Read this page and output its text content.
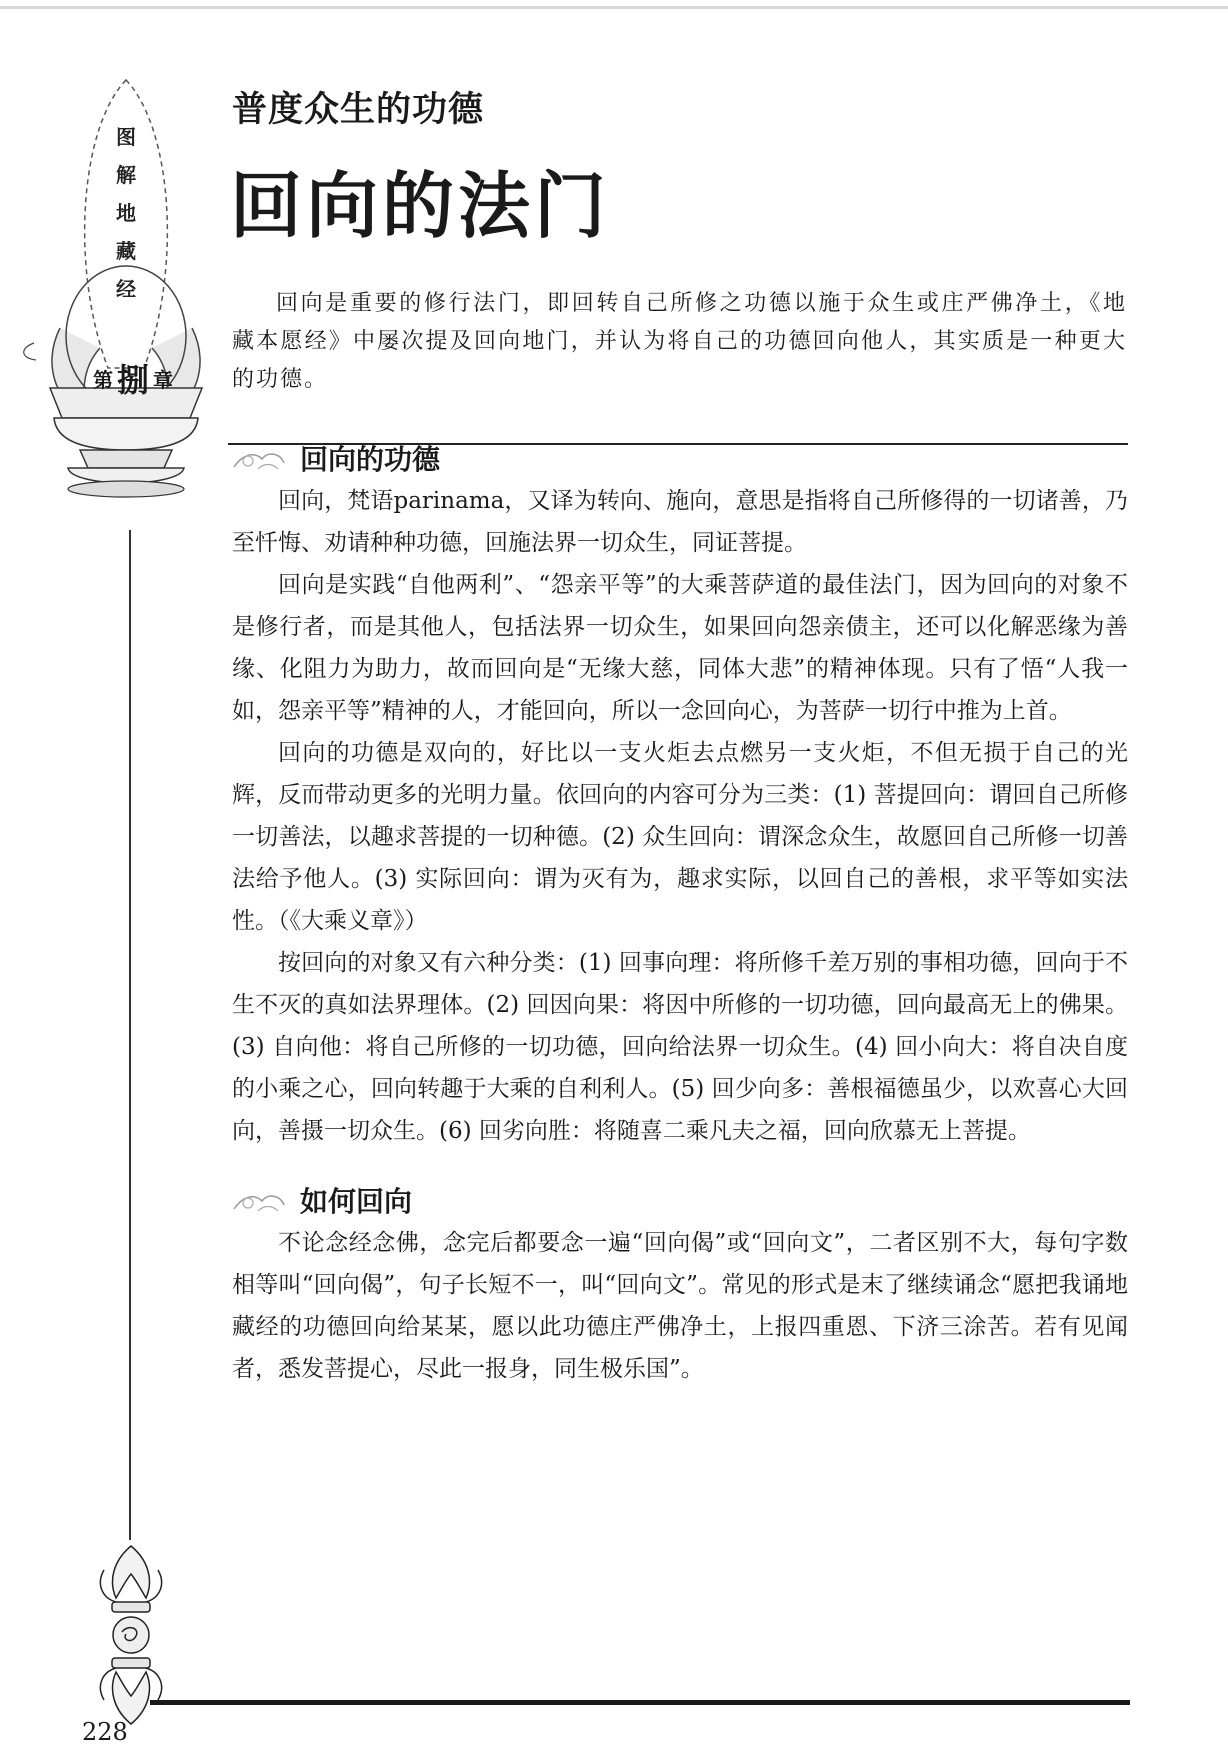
图
解
地
藏
经
第 捌 章
普度众生的功德
回向的法门
回向是重要的修行法门，即回转自己所修之功德以施于众生或庄严佛净土，《地藏本愿经》中屡次提及回向地门，并认为将自己的功德回向他人，其实质是一种更大的功德。
回向的功德

回向，梵语parinama，又译为转向、施向，意思是指将自己所修得的一切诸善，乃至忏悔、劝请种种功德，回施法界一切众生，同证菩提。

回向是实践“自他两利”、“怨亲平等”的大乘菩萨道的最佳法门，因为回向的对象不是修行者，而是其他人，包括法界一切众生，如果回向怨亲债主，还可以化解恶缘为善缘、化阻力为助力，故而回向是“无缘大慈，同体大悲”的精神体现。只有了悟“人我一如，怨亲平等”精神的人，才能回向，所以一念回向心，为菩萨一切行中推为上首。

回向的功德是双向的，好比以一支火炬去点燃另一支火炬，不但无损于自己的光辉，反而带动更多的光明力量。依回向的内容可分为三类：(1) 菩提回向：谓回自己所修一切善法，以趣求菩提的一切种德。(2) 众生回向：谓深念众生，故愿回自己所修一切善法给予他人。(3) 实际回向：谓为灭有为，趣求实际，以回自己的善根，求平等如实法性。（《大乘义章》）

按回向的对象又有六种分类：(1) 回事向理：将所修千差万别的事相功德，回向于不生不灭的真如法界理体。(2) 回因向果：将因中所修的一切功德，回向最高无上的佛果。(3) 自向他：将自己所修的一切功德，回向给法界一切众生。(4) 回小向大：将自决自度的小乘之心，回向转趣于大乘的自利利人。(5) 回少向多：善根福德虽少，以欢喜心大回向，善摄一切众生。(6) 回劣向胜：将随喜二乘凡夫之福，回向欣慕无上菩提。

如何回向

不论念经念佛，念完后都要念一遍“回向偈”或“回向文”，二者区别不大，每句字数相等叫“回向偈”，句子长短不一，叫“回向文”。常见的形式是末了继续诵念“愿把我诵地藏经的功德回向给某某，愿以此功德庄严佛净土，上报四重恩、下济三涂苦。若有见闻者，悉发菩提心，尽此一报身，同生极乐国”。

228
